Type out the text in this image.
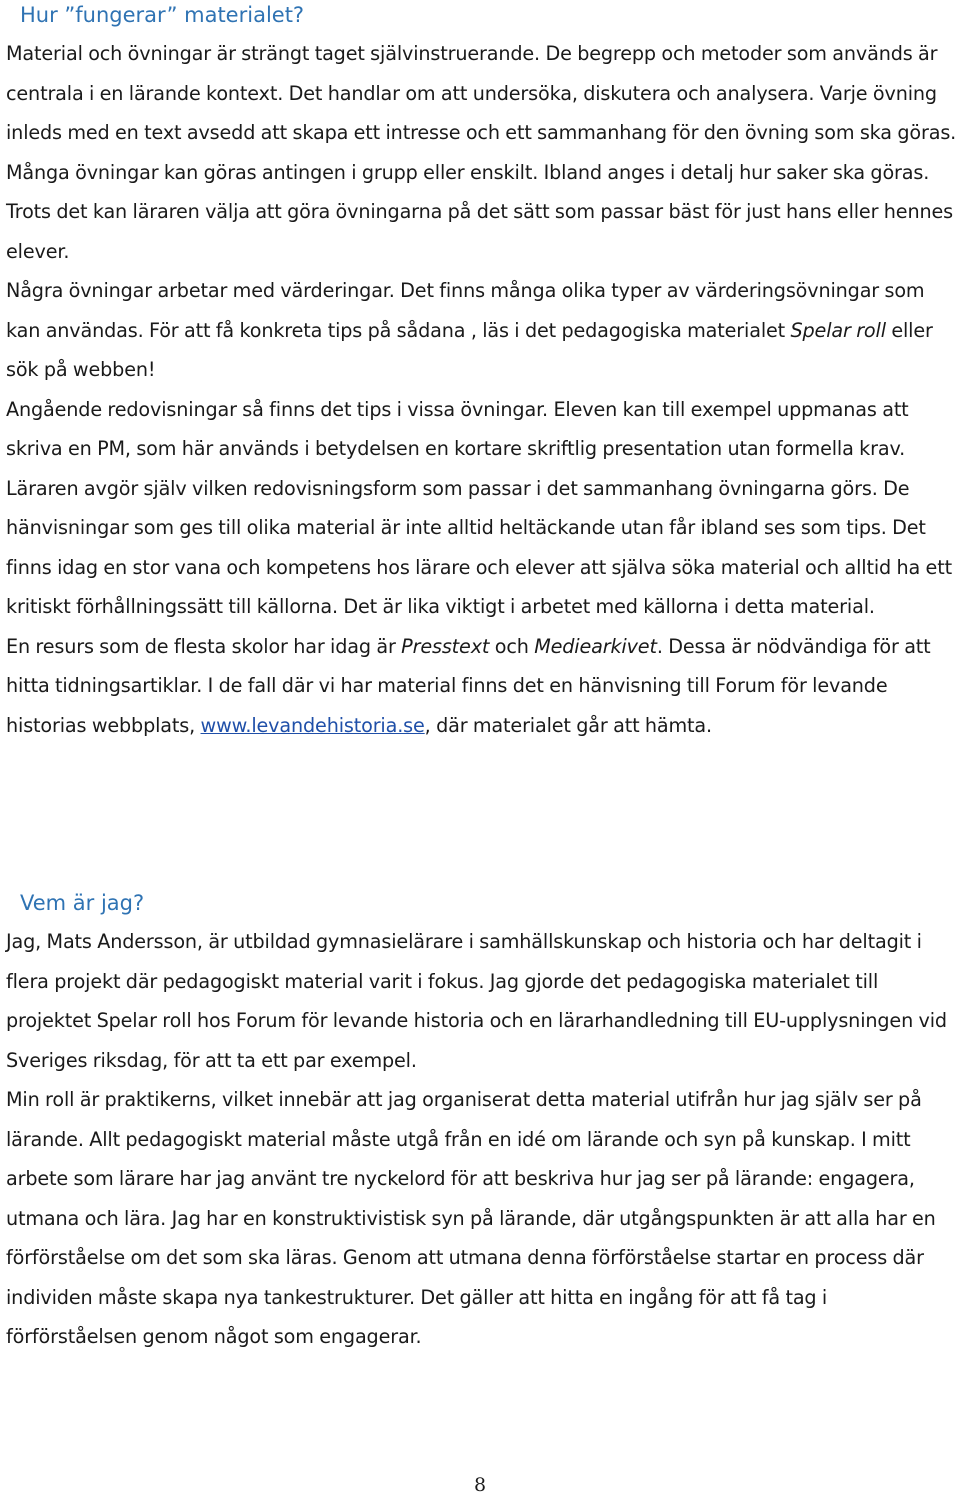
Hur ”fungerar” materialet?

Material och övningar är strängt taget självinstruerande. De begrepp och metoder som används är centrala i en lärande kontext. Det handlar om att undersöka, diskutera och analysera. Varje övning inleds med en text avsedd att skapa ett intresse och ett sammanhang för den övning som ska göras.

Många övningar kan göras antingen i grupp eller enskilt. Ibland anges i detalj hur saker ska göras. Trots det kan läraren välja att göra övningarna på det sätt som passar bäst för just hans eller hennes elever.

Några övningar arbetar med värderingar. Det finns många olika typer av värderingsövningar som kan användas. För att få konkreta tips på sådana , läs i det pedagogiska materialet Spelar roll eller sök på webben!

Angående redovisningar så finns det tips i vissa övningar. Eleven kan till exempel uppmanas att skriva en PM, som här används i betydelsen en kortare skriftlig presentation utan formella krav. Läraren avgör själv vilken redovisningsform som passar i det sammanhang övningarna görs. De hänvisningar som ges till olika material är inte alltid heltäckande utan får ibland ses som tips. Det finns idag en stor vana och kompetens hos lärare och elever att själva söka material och alltid ha ett kritiskt förhållningssätt till källorna. Det är lika viktigt i arbetet med källorna i detta material.

En resurs som de flesta skolor har idag är Presstext och Mediearkivet. Dessa är nödvändiga för att hitta tidningsartiklar. I de fall där vi har material finns det en hänvisning till Forum för levande historias webbplats, www.levandehistoria.se, där materialet går att hämta.

Vem är jag?

Jag, Mats Andersson, är utbildad gymnasielärare i samhällskunskap och historia och har deltagit i flera projekt där pedagogiskt material varit i fokus. Jag gjorde det pedagogiska materialet till projektet Spelar roll hos Forum för levande historia och en lärarhandledning till EU-upplysningen vid Sveriges riksdag, för att ta ett par exempel.

Min roll är praktikerns, vilket innebär att jag organiserat detta material utifrån hur jag själv ser på lärande. Allt pedagogiskt material måste utgå från en idé om lärande och syn på kunskap. I mitt arbete som lärare har jag använt tre nyckelord för att beskriva hur jag ser på lärande: engagera, utmana och lära. Jag har en konstruktivistisk syn på lärande, där utgångspunkten är att alla har en förförståelse om det som ska läras. Genom att utmana denna förförståelse startar en process där individen måste skapa nya tankestrukturer. Det gäller att hitta en ingång för att få tag i förförståelsen genom något som engagerar.

8
